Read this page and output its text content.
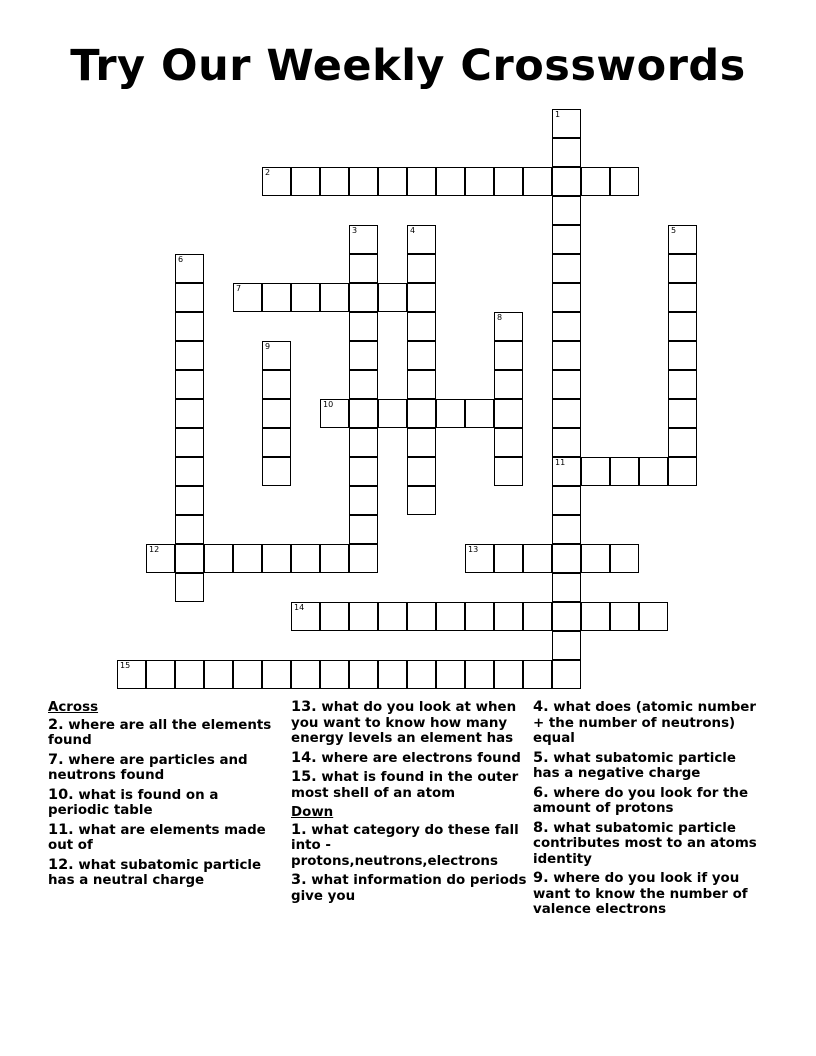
Try Our Weekly Crosswords
1
11
2
3	4	5
6
7
8
9
10
12	13
14
15
Across
2. where are all the elements found
7. where are particles and neutrons found
10. what is found on a periodic table
11. what are elements made out of
12. what subatomic particle has a neutral charge
13. what do you look at when you want to know how many energy levels an element has
14. where are electrons found
15. what is found in the outer most shell of an atom
Down
1. what category do these fall into - protons,neutrons,electrons
3. what information do periods give you
4. what does (atomic number + the number of neutrons) equal
5. what subatomic particle has a negative charge
6. where do you look for the amount of protons
8. what subatomic particle contributes most to an atoms identity
9. where do you look if you want to know the number of valence electrons
